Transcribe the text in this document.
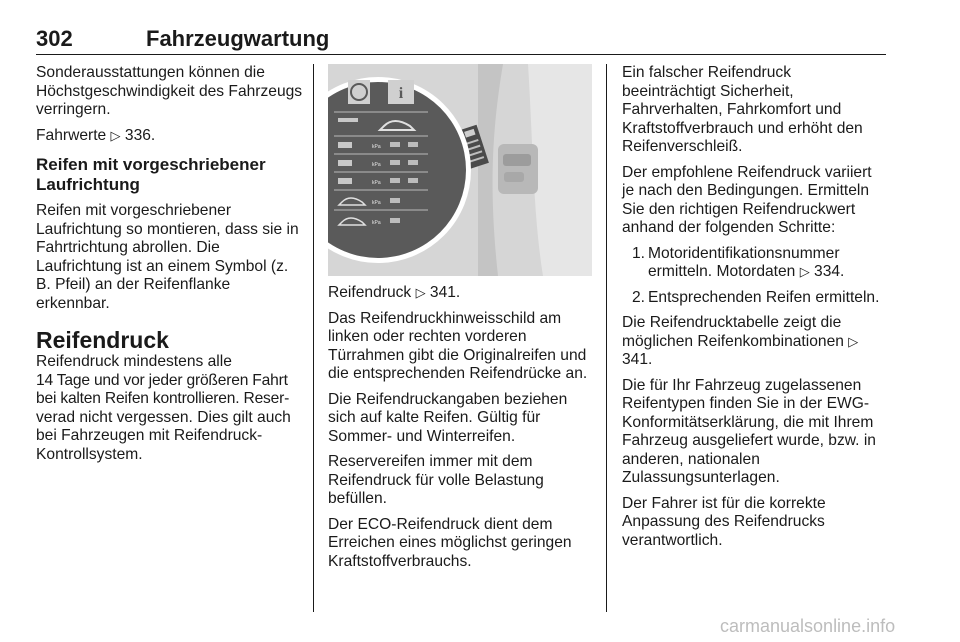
302	Fahrzeugwartung

Sonderausstattungen können die Höchstgeschwindigkeit des Fahrzeugs verringern.

Fahrwerte ▷ 336.

Reifen mit vorgeschriebener Laufrichtung

Reifen mit vorgeschriebener Laufrichtung so montieren, dass sie in Fahrtrichtung abrollen. Die Laufrichtung ist an einem Symbol (z. B. Pfeil) an der Reifenflanke erkennbar.

Reifendruck

Reifendruck mindestens alle
14 Tage und vor jeder größeren Fahrt
bei kalten Reifen kontrollieren. Reser-
verad nicht vergessen. Dies gilt auch bei Fahrzeugen mit Reifendruck-Kontrollsystem.

i
kPa
kPa
kPa
kPa
kPa

Reifendruck ▷ 341.

Das Reifendruckhinweisschild am linken oder rechten vorderen Türrahmen gibt die Originalreifen und die entsprechenden Reifendrücke an.

Die Reifendruckangaben beziehen sich auf kalte Reifen. Gültig für Sommer- und Winterreifen.

Reservereifen immer mit dem Reifendruck für volle Belastung befüllen.

Der ECO-Reifendruck dient dem Erreichen eines möglichst geringen Kraftstoffverbrauchs.

Ein falscher Reifendruck beeinträchtigt Sicherheit, Fahrverhalten, Fahrkomfort und Kraftstoffverbrauch und erhöht den Reifenverschleiß.

Der empfohlene Reifendruck variiert je nach den Bedingungen. Ermitteln Sie den richtigen Reifendruckwert anhand der folgenden Schritte:

1. Motoridentifikationsnummer ermitteln. Motordaten ▷ 334.
2. Entsprechenden Reifen ermitteln.

Die Reifendrucktabelle zeigt die möglichen Reifenkombinationen ▷ 341.

Die für Ihr Fahrzeug zugelassenen Reifentypen finden Sie in der EWG-Konformitätserklärung, die mit Ihrem Fahrzeug ausgeliefert wurde, bzw. in anderen, nationalen Zulassungsunterlagen.

Der Fahrer ist für die korrekte Anpassung des Reifendrucks verantwortlich.

carmanualsonline.info
